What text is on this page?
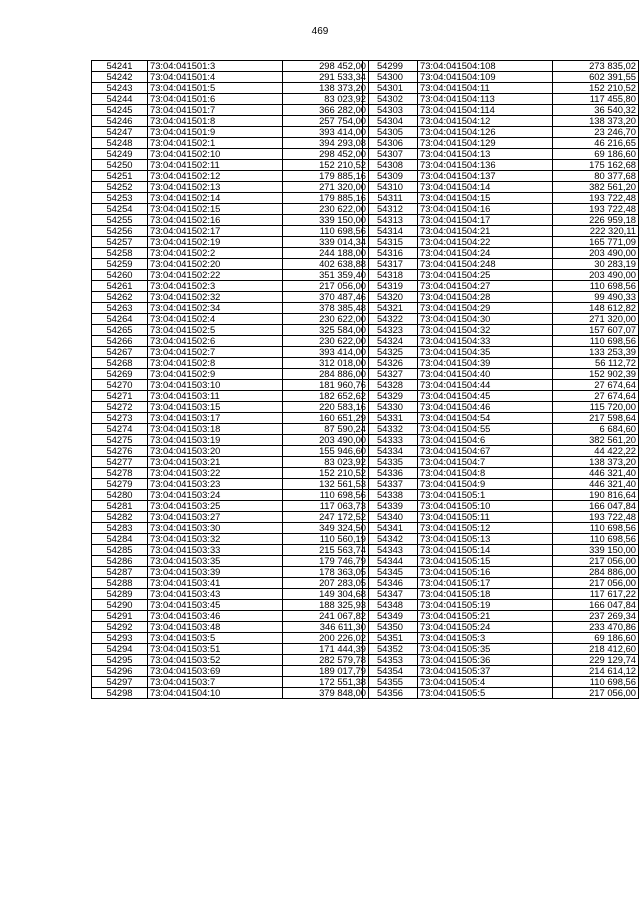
469
54241	73:04:041501:3	298 452,00
54242	73:04:041501:4	291 533,34
54243	73:04:041501:5	138 373,20
54244	73:04:041501:6	83 023,92
54245	73:04:041501:7	366 282,00
54246	73:04:041501:8	257 754,00
54247	73:04:041501:9	393 414,00
54248	73:04:041502:1	394 293,08
54249	73:04:041502:10	298 452,00
54250	73:04:041502:11	152 210,52
54251	73:04:041502:12	179 885,16
54252	73:04:041502:13	271 320,00
54253	73:04:041502:14	179 885,16
54254	73:04:041502:15	230 622,00
54255	73:04:041502:16	339 150,00
54256	73:04:041502:17	110 698,56
54257	73:04:041502:19	339 014,34
54258	73:04:041502:2	244 188,00
54259	73:04:041502:20	402 638,88
54260	73:04:041502:22	351 359,40
54261	73:04:041502:3	217 056,00
54262	73:04:041502:32	370 487,46
54263	73:04:041502:34	378 385,48
54264	73:04:041502:4	230 622,00
54265	73:04:041502:5	325 584,00
54266	73:04:041502:6	230 622,00
54267	73:04:041502:7	393 414,00
54268	73:04:041502:8	312 018,00
54269	73:04:041502:9	284 886,00
54270	73:04:041503:10	181 960,76
54271	73:04:041503:11	182 652,62
54272	73:04:041503:15	220 583,16
54273	73:04:041503:17	160 651,29
54274	73:04:041503:18	87 590,24
54275	73:04:041503:19	203 490,00
54276	73:04:041503:20	155 946,60
54277	73:04:041503:21	83 023,92
54278	73:04:041503:22	152 210,52
54279	73:04:041503:23	132 561,53
54280	73:04:041503:24	110 698,56
54281	73:04:041503:25	117 063,73
54282	73:04:041503:27	247 172,52
54283	73:04:041503:30	349 324,50
54284	73:04:041503:32	110 560,19
54285	73:04:041503:33	215 563,74
54286	73:04:041503:35	179 746,79
54287	73:04:041503:39	178 363,05
54288	73:04:041503:41	207 283,05
54289	73:04:041503:43	149 304,68
54290	73:04:041503:45	188 325,93
54291	73:04:041503:46	241 067,82
54292	73:04:041503:48	346 611,30
54293	73:04:041503:5	200 226,02
54294	73:04:041503:51	171 444,39
54295	73:04:041503:52	282 579,78
54296	73:04:041503:69	189 017,79
54297	73:04:041503:7	172 551,38
54298	73:04:041504:10	379 848,00
54299	73:04:041504:108	273 835,02
54300	73:04:041504:109	602 391,55
54301	73:04:041504:11	152 210,52
54302	73:04:041504:113	117 455,80
54303	73:04:041504:114	36 540,32
54304	73:04:041504:12	138 373,20
54305	73:04:041504:126	23 246,70
54306	73:04:041504:129	46 216,65
54307	73:04:041504:13	69 186,60
54308	73:04:041504:136	175 162,68
54309	73:04:041504:137	80 377,68
54310	73:04:041504:14	382 561,20
54311	73:04:041504:15	193 722,48
54312	73:04:041504:16	193 722,48
54313	73:04:041504:17	226 959,18
54314	73:04:041504:21	222 320,11
54315	73:04:041504:22	165 771,09
54316	73:04:041504:24	203 490,00
54317	73:04:041504:248	30 283,19
54318	73:04:041504:25	203 490,00
54319	73:04:041504:27	110 698,56
54320	73:04:041504:28	99 490,33
54321	73:04:041504:29	148 612,82
54322	73:04:041504:30	271 320,00
54323	73:04:041504:32	157 607,07
54324	73:04:041504:33	110 698,56
54325	73:04:041504:35	133 253,39
54326	73:04:041504:39	56 112,72
54327	73:04:041504:40	152 902,39
54328	73:04:041504:44	27 674,64
54329	73:04:041504:45	27 674,64
54330	73:04:041504:46	115 720,00
54331	73:04:041504:54	217 598,64
54332	73:04:041504:55	6 684,60
54333	73:04:041504:6	382 561,20
54334	73:04:041504:67	44 422,22
54335	73:04:041504:7	138 373,20
54336	73:04:041504:8	446 321,40
54337	73:04:041504:9	446 321,40
54338	73:04:041505:1	190 816,64
54339	73:04:041505:10	166 047,84
54340	73:04:041505:11	193 722,48
54341	73:04:041505:12	110 698,56
54342	73:04:041505:13	110 698,56
54343	73:04:041505:14	339 150,00
54344	73:04:041505:15	217 056,00
54345	73:04:041505:16	284 886,00
54346	73:04:041505:17	217 056,00
54347	73:04:041505:18	117 617,22
54348	73:04:041505:19	166 047,84
54349	73:04:041505:21	237 269,34
54350	73:04:041505:24	233 470,86
54351	73:04:041505:3	69 186,60
54352	73:04:041505:35	218 412,60
54353	73:04:041505:36	229 129,74
54354	73:04:041505:37	214 614,12
54355	73:04:041505:4	110 698,56
54356	73:04:041505:5	217 056,00
